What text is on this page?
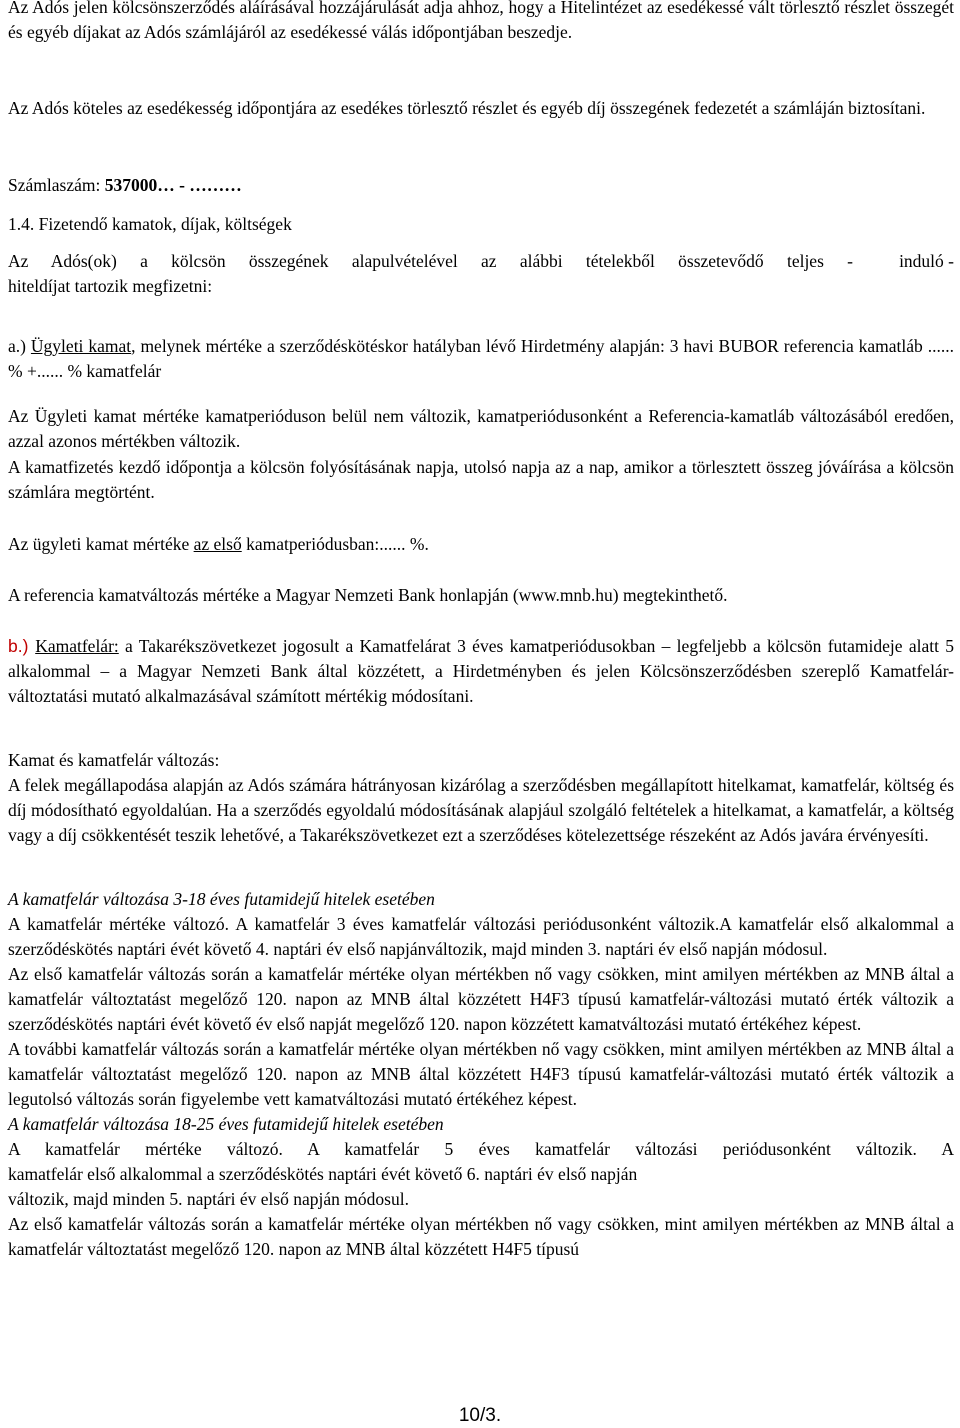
Az Adós jelen kölcsönszerződés aláírásával hozzájárulását adja ahhoz, hogy a Hitelintézet az esedékessé vált törlesztő részlet összegét és egyéb díjakat az Adós számlájáról az esedékessé válás időpontjában beszedje.

Az Adós köteles az esedékesség időpontjára az esedékes törlesztő részlet és egyéb díj összegének fedezetét a számláján biztosítani.

Számlaszám: 537000… - ………

1.4. Fizetendő kamatok, díjak, költségek

Az Adós(ok) a kölcsön összegének alapulvételével az alábbi tételekből összetevődő teljes -	induló -
hiteldíjat tartozik megfizetni:

a.) Ügyleti kamat, melynek mértéke a szerződéskötéskor hatályban lévő Hirdetmény alapján: 3 havi BUBOR referencia kamatláb ...... % +...... % kamatfelár

Az Ügyleti kamat mértéke kamatperióduson belül nem változik, kamatperiódusonként a Referencia-kamatláb változásából eredően, azzal azonos mértékben változik.

A kamatfizetés kezdő időpontja a kölcsön folyósításának napja, utolsó napja az a nap, amikor a törlesztett összeg jóváírása a kölcsön számlára megtörtént.

Az ügyleti kamat mértéke az első kamatperiódusban:...... %.

A referencia kamatváltozás mértéke a Magyar Nemzeti Bank honlapján (www.mnb.hu) megtekinthető.

b.) Kamatfelár: a Takarékszövetkezet jogosult a Kamatfelárat 3 éves kamatperiódusokban – legfeljebb a kölcsön futamideje alatt 5 alkalommal – a Magyar Nemzeti Bank által közzétett, a Hirdetményben és jelen Kölcsönszerződésben szereplő Kamatfelár-változtatási mutató alkalmazásával számított mértékig módosítani.

Kamat és kamatfelár változás:

A felek megállapodása alapján az Adós számára hátrányosan kizárólag a szerződésben megállapított hitelkamat, kamatfelár, költség és díj módosítható egyoldalúan. Ha a szerződés egyoldalú módosításának alapjául szolgáló feltételek a hitelkamat, a kamatfelár, a költség vagy a díj csökkentését teszik lehetővé, a Takarékszövetkezet ezt a szerződéses kötelezettsége részeként az Adós javára érvényesíti.

A kamatfelár változása 3-18 éves futamidejű hitelek esetében

A kamatfelár mértéke változó. A kamatfelár 3 éves kamatfelár változási periódusonként változik.A kamatfelár első alkalommal a szerződéskötés naptári évét követő 4. naptári év első napjánváltozik, majd minden 3. naptári év első napján módosul.

Az első kamatfelár változás során a kamatfelár mértéke olyan mértékben nő vagy csökken, mint amilyen mértékben az MNB által a kamatfelár változtatást megelőző 120. napon az MNB által közzétett H4F3 típusú kamatfelár-változási mutató érték változik a szerződéskötés naptári évét követő év első napját megelőző 120. napon közzétett kamatváltozási mutató értékéhez képest.

A további kamatfelár változás során a kamatfelár mértéke olyan mértékben nő vagy csökken, mint amilyen mértékben az MNB által a kamatfelár változtatást megelőző 120. napon az MNB által közzétett H4F3 típusú kamatfelár-változási mutató érték változik a legutolsó változás során figyelembe vett kamatváltozási mutató értékéhez képest.

A kamatfelár változása 18-25 éves futamidejű hitelek esetében
A kamatfelár mértéke változó. A kamatfelár 5 éves kamatfelár változási periódusonként változik. A
kamatfelár első alkalommal a szerződéskötés naptári évét követő 6. naptári év első napján
változik, majd minden 5. naptári év első napján módosul.

Az első kamatfelár változás során a kamatfelár mértéke olyan mértékben nő vagy csökken, mint amilyen mértékben az MNB által a kamatfelár változtatást megelőző 120. napon az MNB által közzétett H4F5 típusú

10/3.
